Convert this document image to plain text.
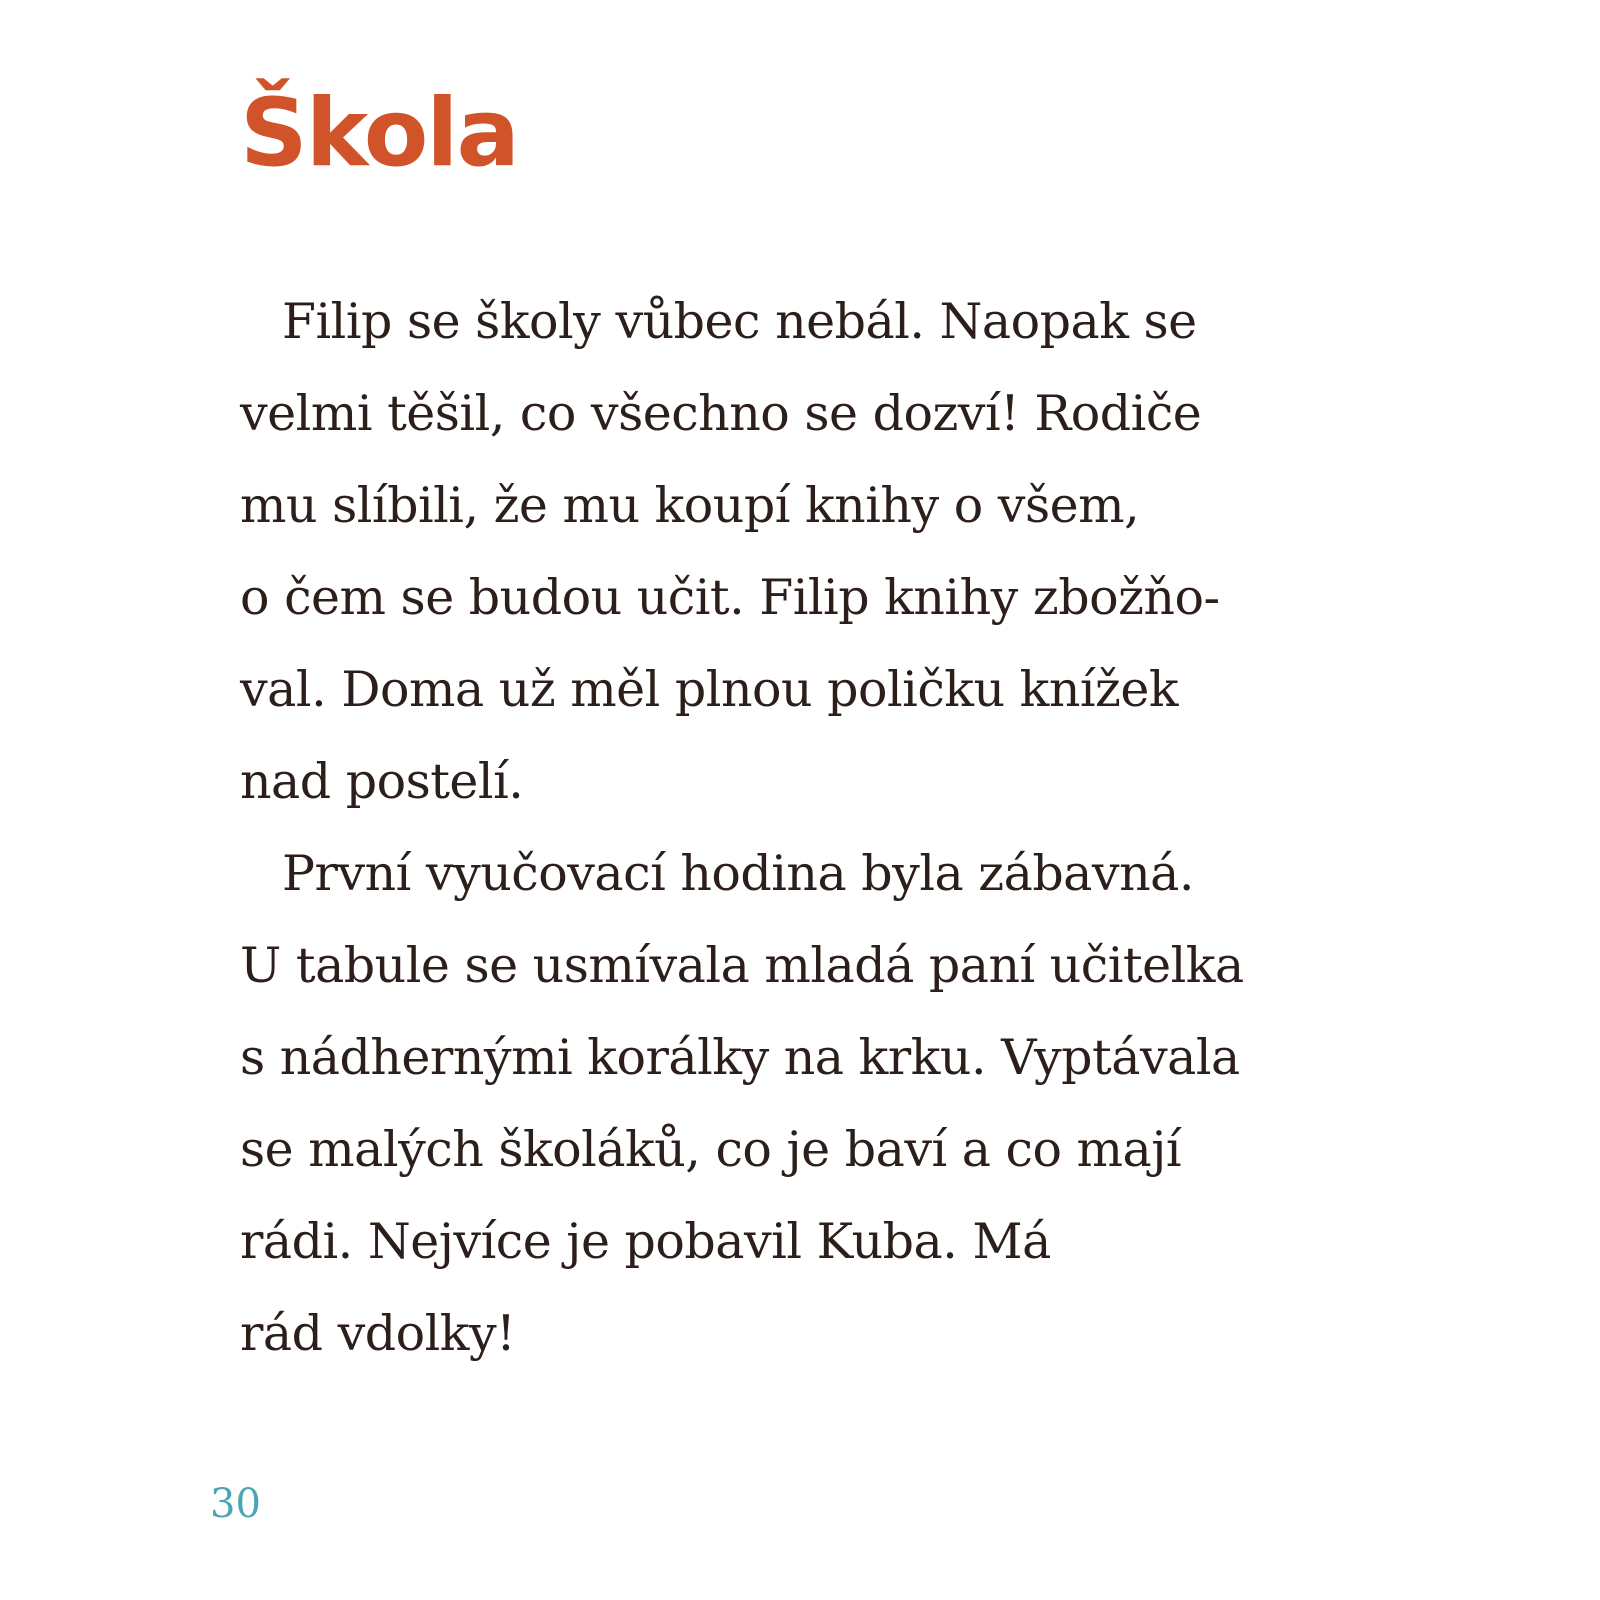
Škola
Filip se školy vůbec nebál. Naopak se
velmi těšil, co všechno se dozví! Rodiče
mu slíbili, že mu koupí knihy o všem,
o čem se budou učit. Filip knihy zbožňo-
val. Doma už měl plnou poličku knížek
nad postelí.
První vyučovací hodina byla zábavná.
U tabule se usmívala mladá paní učitelka
s nádhernými korálky na krku. Vyptávala
se malých školáků, co je baví a co mají
rádi. Nejvíce je pobavil Kuba. Má
rád vdolky!
30
